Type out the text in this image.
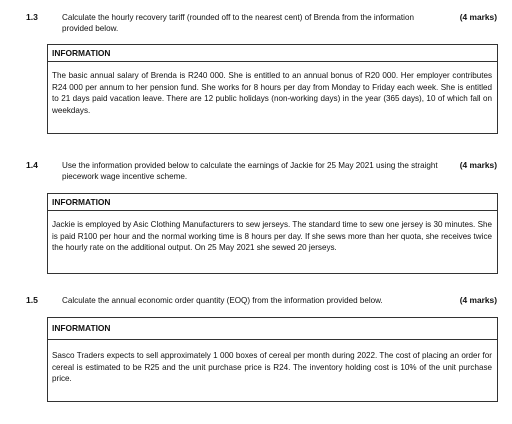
1.3	Calculate the hourly recovery tariff (rounded off to the nearest cent) of Brenda from the information provided below.
(4 marks)
INFORMATION
The basic annual salary of Brenda is R240 000. She is entitled to an annual bonus of R20 000. Her employer contributes R24 000 per annum to her pension fund. She works for 8 hours per day from Monday to Friday each week. She is entitled to 21 days paid vacation leave. There are 12 public holidays (non-working days) in the year (365 days), 10 of which fall on weekdays.
1.4	Use the information provided below to calculate the earnings of Jackie for 25 May 2021 using the straight piecework wage incentive scheme.
(4 marks)
INFORMATION
Jackie is employed by Asic Clothing Manufacturers to sew jerseys. The standard time to sew one jersey is 30 minutes. She is paid R100 per hour and the normal working time is 8 hours per day. If she sews more than her quota, she receives twice the hourly rate on the additional output. On 25 May 2021 she sewed 20 jerseys.
1.5	Calculate the annual economic order quantity (EOQ) from the information provided below.	(4 marks)
INFORMATION
Sasco Traders expects to sell approximately 1 000 boxes of cereal per month during 2022. The cost of placing an order for cereal is estimated to be R25 and the unit purchase price is R24. The inventory holding cost is 10% of the unit purchase price.
